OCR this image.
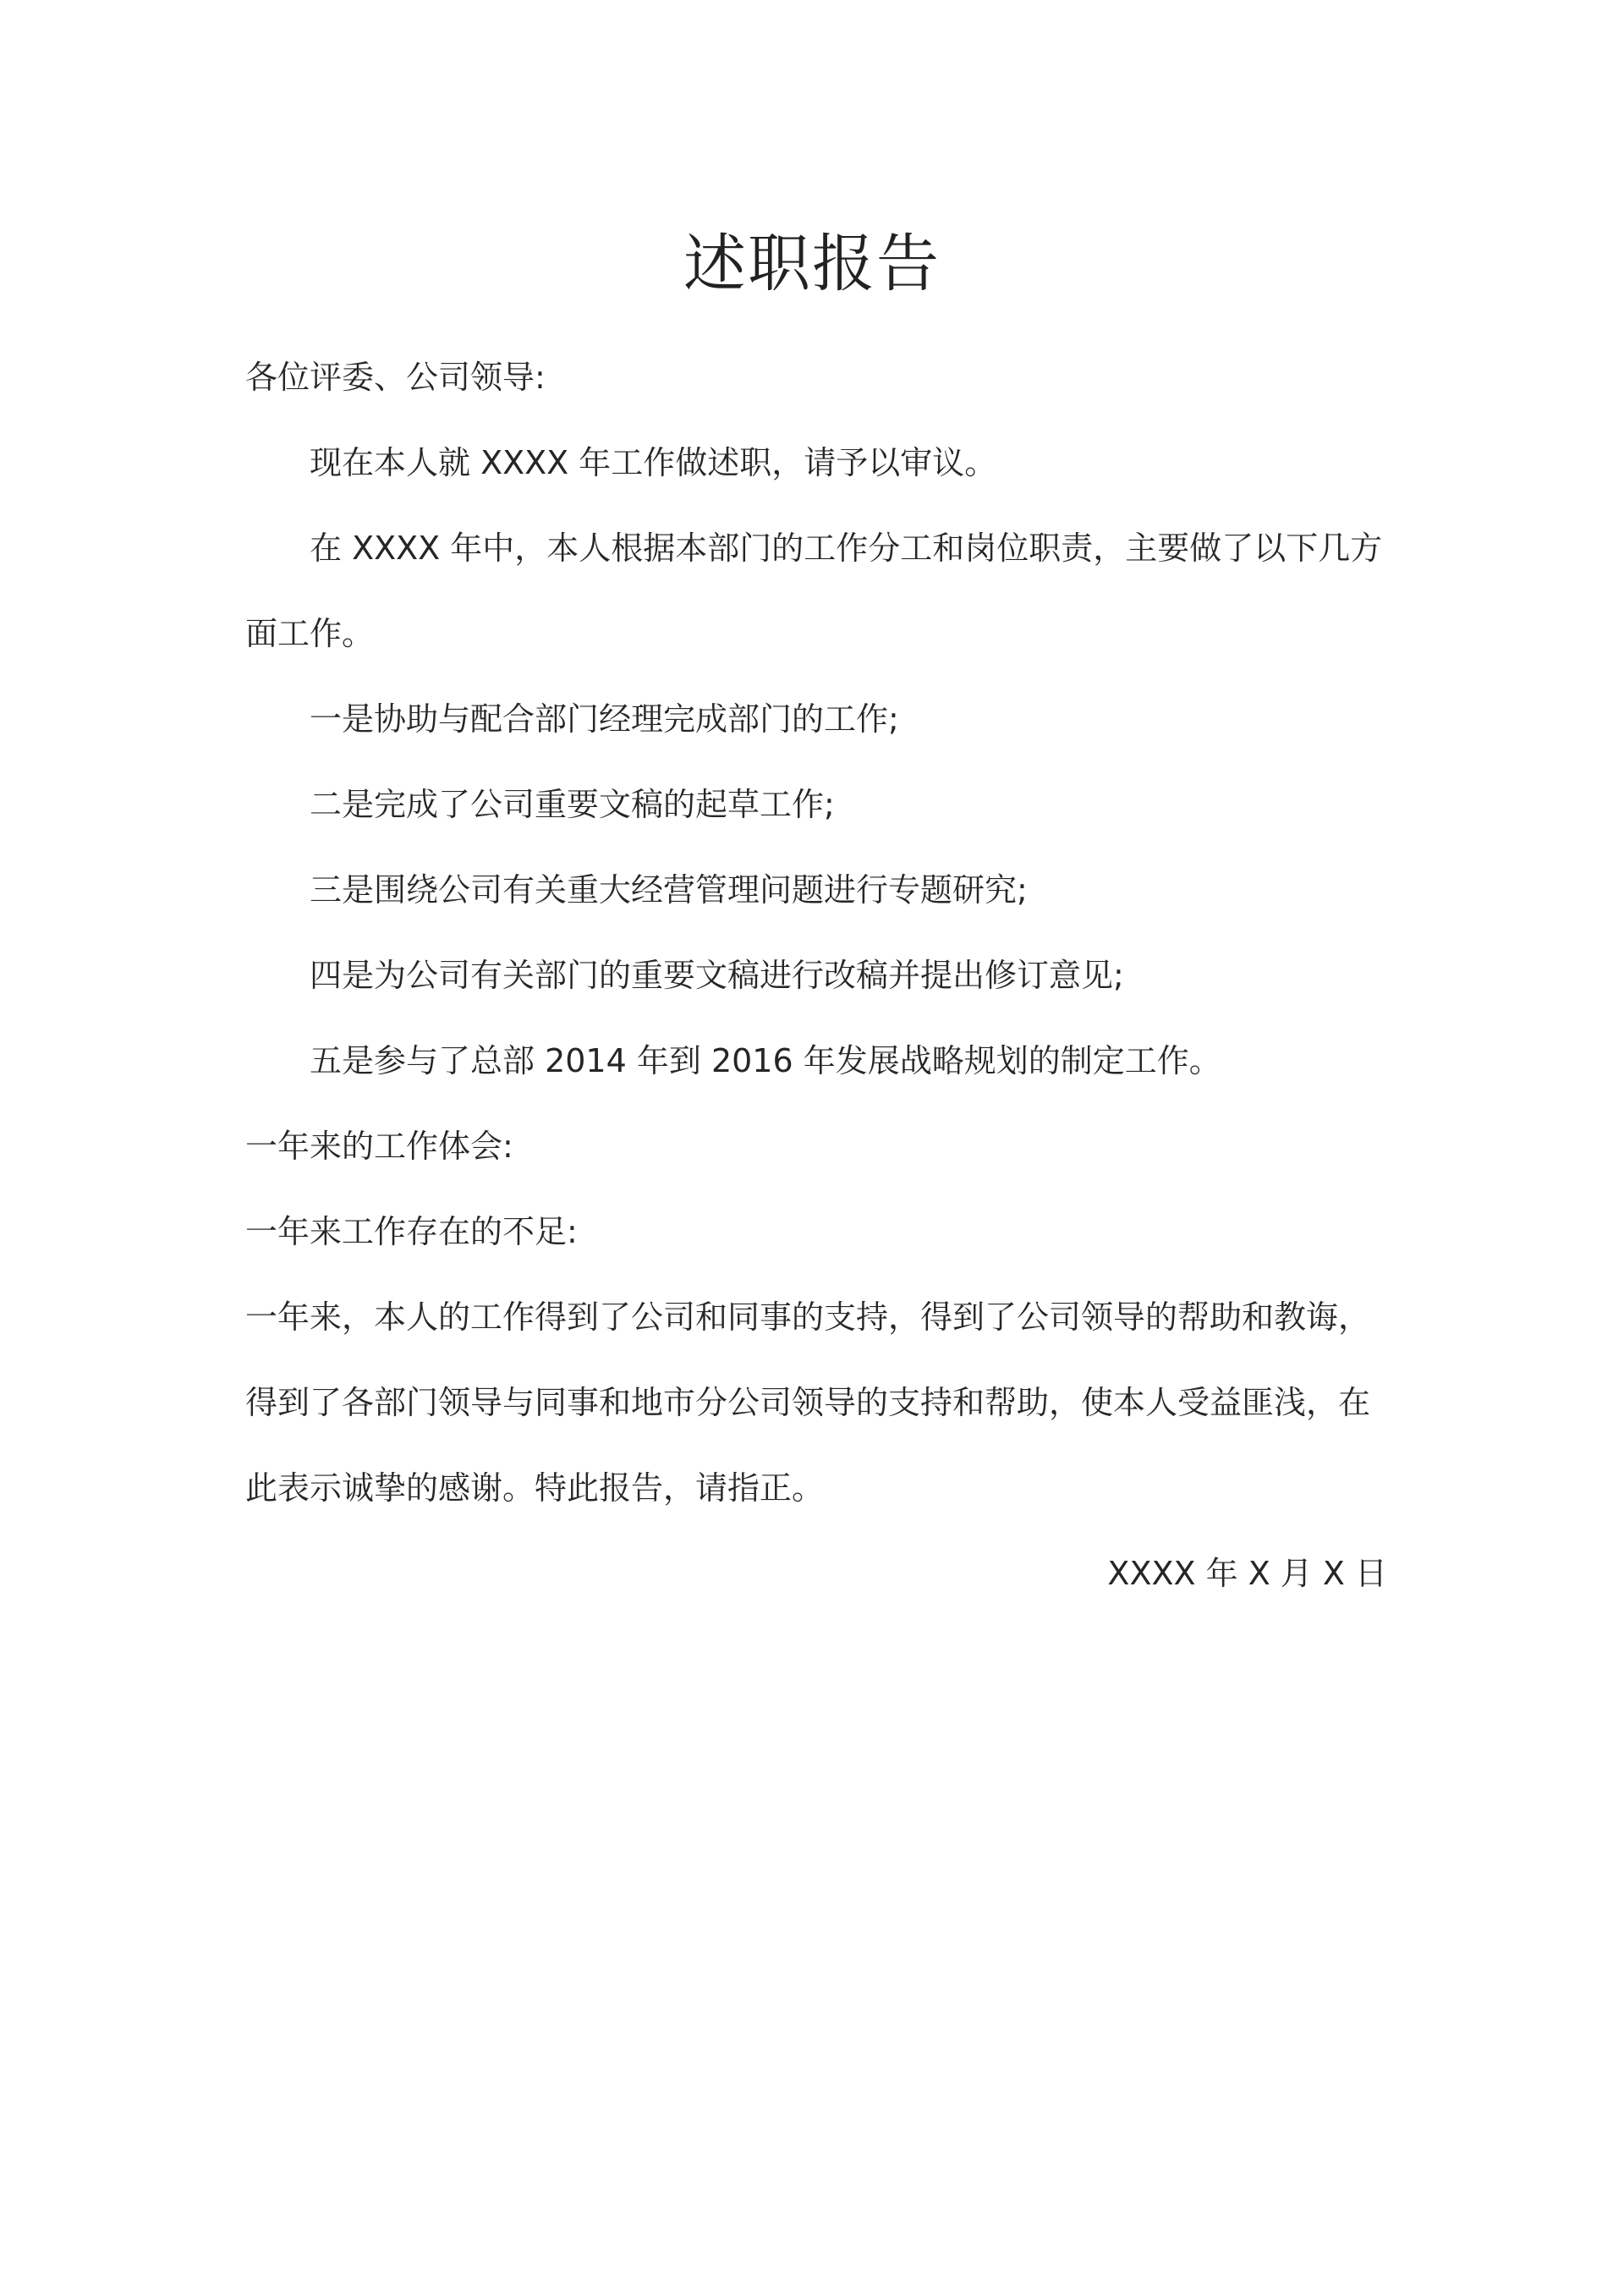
述职报告

各位评委、公司领导:

现在本人就 XXXX 年工作做述职，请予以审议。

在 XXXX 年中，本人根据本部门的工作分工和岗位职责，主要做了以下几方面工作。

一是协助与配合部门经理完成部门的工作;

二是完成了公司重要文稿的起草工作;

三是围绕公司有关重大经营管理问题进行专题研究;

四是为公司有关部门的重要文稿进行改稿并提出修订意见;

五是参与了总部 2014 年到 2016 年发展战略规划的制定工作。

一年来的工作体会:

一年来工作存在的不足:

一年来，本人的工作得到了公司和同事的支持，得到了公司领导的帮助和教诲，得到了各部门领导与同事和地市分公司领导的支持和帮助，使本人受益匪浅，在此表示诚挚的感谢。特此报告，请指正。

XXXX 年 X 月 X 日
